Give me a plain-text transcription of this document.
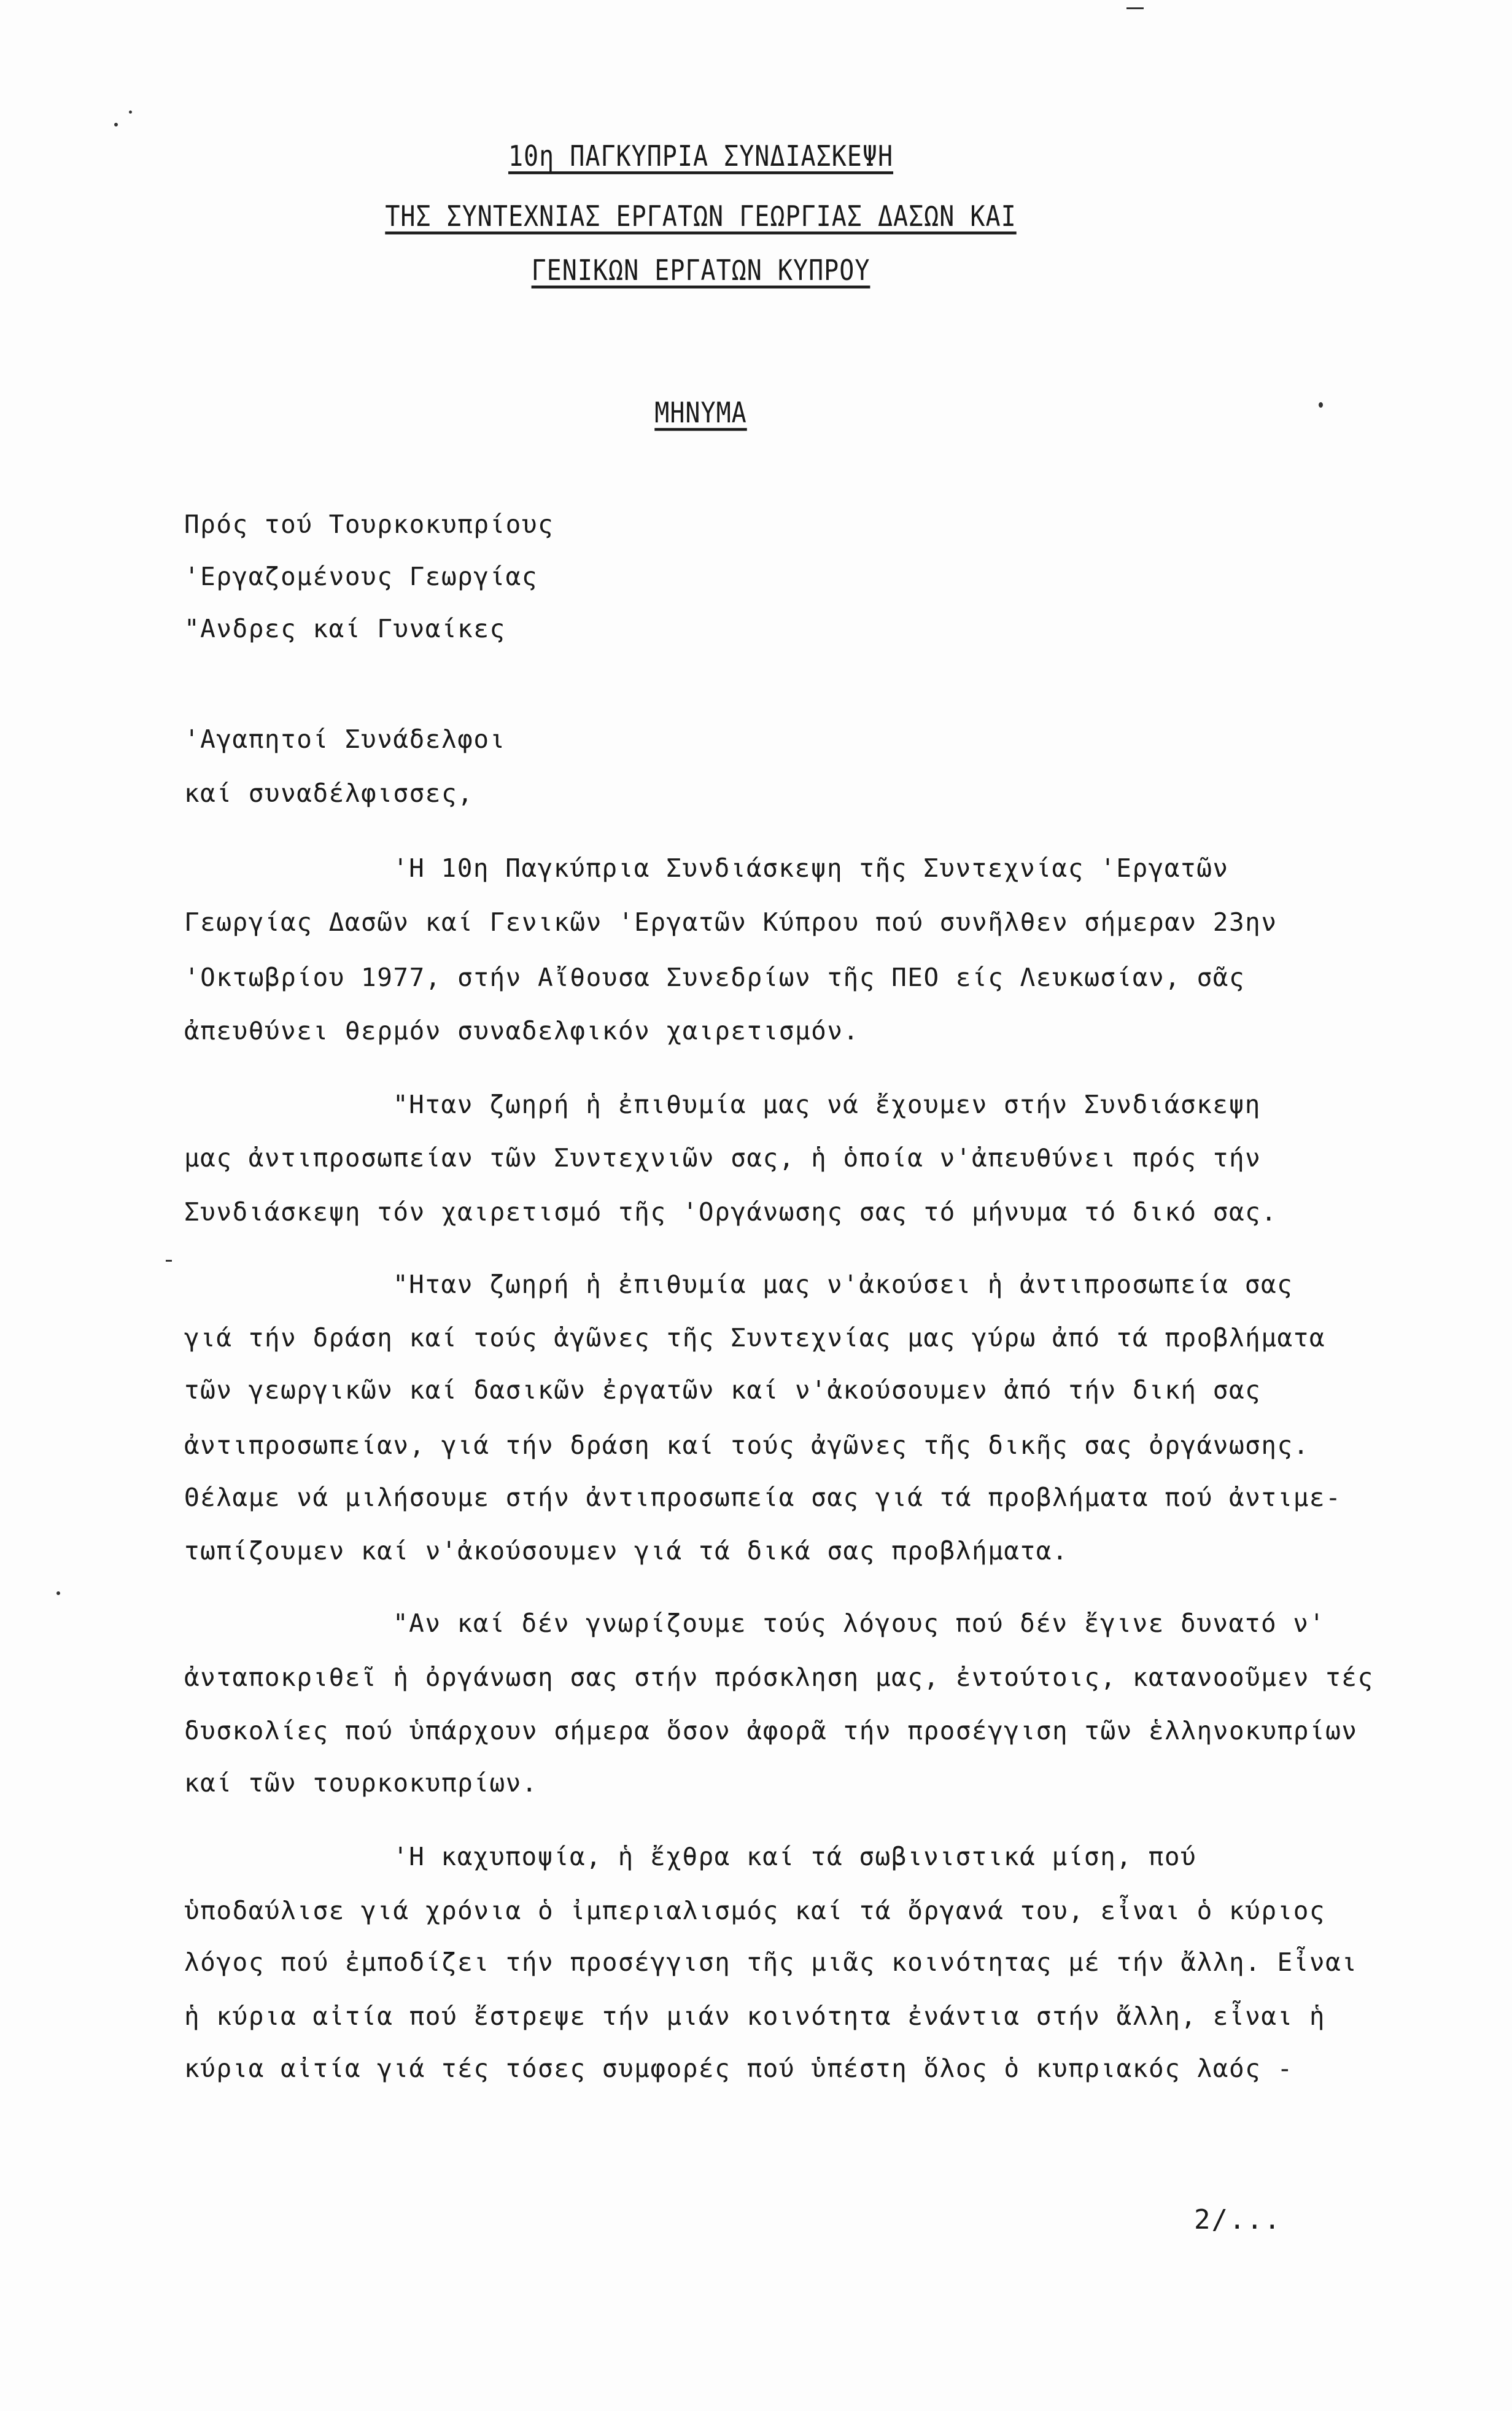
10η ΠΑΓΚΥΠΡΙΑ ΣΥΝΔΙΑΣΚΕΨΗ
ΤΗΣ ΣΥΝΤΕΧΝΙΑΣ ΕΡΓΑΤΩΝ ΓΕΩΡΓΙΑΣ ΔΑΣΩΝ ΚΑΙ
ΓΕΝΙΚΩΝ ΕΡΓΑΤΩΝ ΚΥΠΡΟΥ
ΜΗΝΥΜΑ
Πρός τού Τουρκοκυπρίους
'Εργαζομένους Γεωργίας
"Ανδρες καί Γυναίκες
'Αγαπητοί Συνάδελφοι
καί συναδέλφισσες,
'Η 10η Παγκύπρια Συνδιάσκεψη τῆς Συντεχνίας 'Εργατῶν
Γεωργίας Δασῶν καί Γενικῶν 'Εργατῶν Κύπρου πού συνῆλθεν σήμεραν 23ην
'Οκτωβρίου 1977, στήν Αἴθουσα Συνεδρίων τῆς ΠΕΟ είς Λευκωσίαν, σᾶς
ἀπευθύνει θερμόν συναδελφικόν χαιρετισμόν.
"Ηταν ζωηρή ἡ ἐπιθυμία μας νά ἔχουμεν στήν Συνδιάσκεψη
μας ἀντιπροσωπείαν τῶν Συντεχνιῶν σας, ἡ ὁποία ν'ἀπευθύνει πρός τήν
Συνδιάσκεψη τόν χαιρετισμό τῆς 'Οργάνωσης σας τό μήνυμα τό δικό σας.
"Ηταν ζωηρή ἡ ἐπιθυμία μας ν'ἀκούσει ἡ ἀντιπροσωπεία σας
γιά τήν δράση καί τούς ἀγῶνες τῆς Συντεχνίας μας γύρω ἀπό τά προβλήματα
τῶν γεωργικῶν καί δασικῶν ἐργατῶν καί ν'ἀκούσουμεν ἀπό τήν δική σας
ἀντιπροσωπείαν, γιά τήν δράση καί τούς ἀγῶνες τῆς δικῆς σας ὀργάνωσης.
Θέλαμε νά μιλήσουμε στήν ἀντιπροσωπεία σας γιά τά προβλήματα πού ἀντιμε-
τωπίζουμεν καί ν'ἀκούσουμεν γιά τά δικά σας προβλήματα.
"Αν καί δέν γνωρίζουμε τούς λόγους πού δέν ἔγινε δυνατό ν'
ἀνταποκριθεῖ ἡ ὀργάνωση σας στήν πρόσκληση μας, ἐντούτοις, κατανοοῦμεν τές
δυσκολίες πού ὑπάρχουν σήμερα ὅσον ἀφορᾶ τήν προσέγγιση τῶν ἑλληνοκυπρίων
καί τῶν τουρκοκυπρίων.
'Η καχυποψία, ἡ ἔχθρα καί τά σωβινιστικά μίση, πού
ὑποδαύλισε γιά χρόνια ὁ ἰμπεριαλισμός καί τά ὄργανά του, εἶναι ὁ κύριος
λόγος πού ἐμποδίζει τήν προσέγγιση τῆς μιᾶς κοινότητας μέ τήν ἄλλη. Εἶναι
ἡ κύρια αἰτία πού ἔστρεψε τήν μιάν κοινότητα ἐνάντια στήν ἄλλη, εἶναι ἡ
κύρια αἰτία γιά τές τόσες συμφορές πού ὑπέστη ὅλος ὁ κυπριακός λαός -
2/...
